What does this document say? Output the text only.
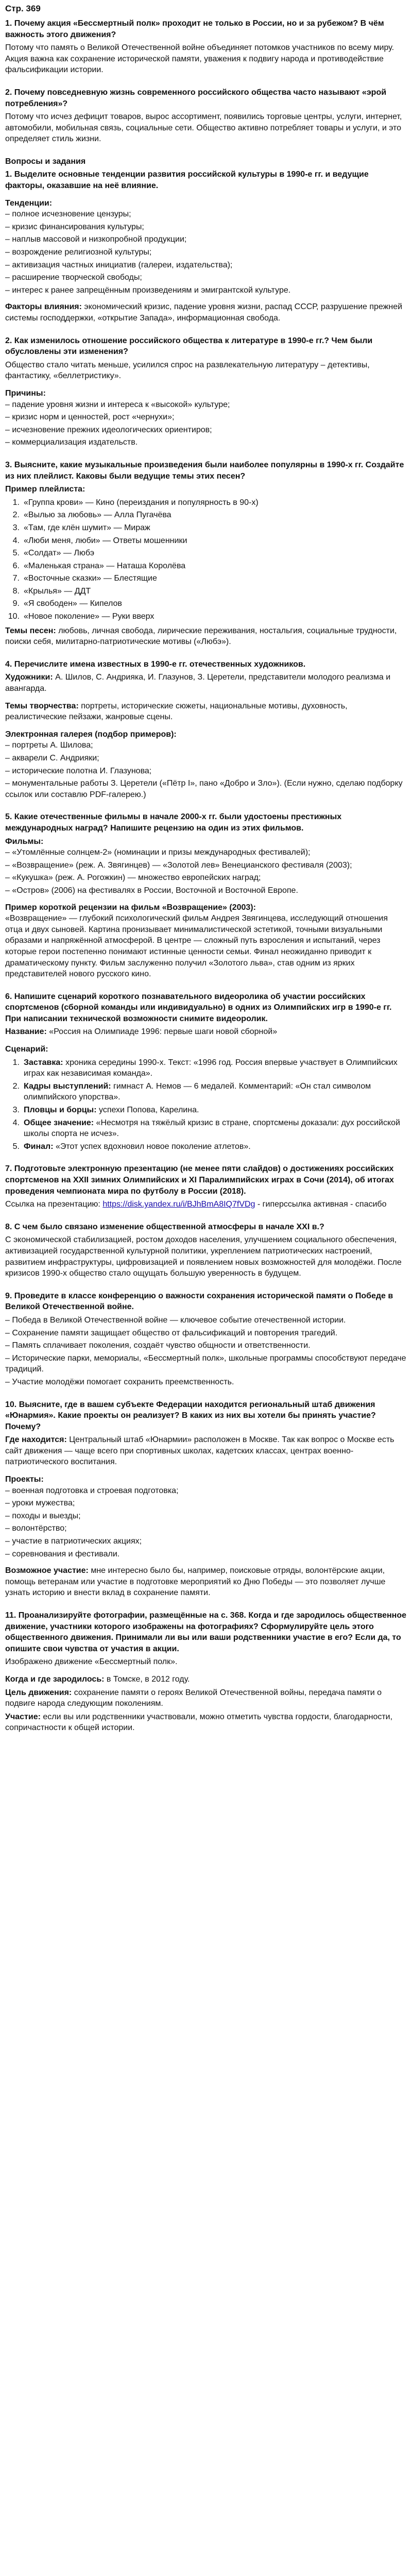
Стр. 369
1. Почему акция «Бессмертный полк» проходит не только в России, но и за рубежом? В чём важность этого движения?
Потому что память о Великой Отечественной войне объединяет потомков участников по всему миру. Акция важна как сохранение исторической памяти, уважения к подвигу народа и противодействие фальсификации истории.
2. Почему повседневную жизнь современного российского общества часто называют «эрой потребления»?
Потому что исчез дефицит товаров, вырос ассортимент, появились торговые центры, услуги, интернет, автомобили, мобильная связь, социальные сети. Общество активно потребляет товары и услуги, и это определяет стиль жизни.
Вопросы и задания
1. Выделите основные тенденции развития российской культуры в 1990-е гг. и ведущие факторы, оказавшие на неё влияние.
Тенденции:
– полное исчезновение цензуры;
– кризис финансирования культуры;
– наплыв массовой и низкопробной продукции;
– возрождение религиозной культуры;
– активизация частных инициатив (галереи, издательства);
– расширение творческой свободы;
– интерес к ранее запрещённым произведениям и эмигрантской культуре.
Факторы влияния: экономический кризис, падение уровня жизни, распад СССР, разрушение прежней системы господдержки, «открытие Запада», информационная свобода.
2. Как изменилось отношение российского общества к литературе в 1990-е гг.? Чем были обусловлены эти изменения?
Общество стало читать меньше, усилился спрос на развлекательную литературу – детективы, фантастику, «беллетристику».
Причины:
– падение уровня жизни и интереса к «высокой» культуре;
– кризис норм и ценностей, рост «чернухи»;
– исчезновение прежних идеологических ориентиров;
– коммерциализация издательств.
3. Выясните, какие музыкальные произведения были наиболее популярны в 1990-х гг. Создайте из них плейлист. Каковы были ведущие темы этих песен?
Пример плейлиста:
1. «Группа крови» — Кино (переиздания и популярность в 90-х)
2. «Вылью за любовь» — Алла Пугачёва
3. «Там, где клён шумит» — Мираж
4. «Люби меня, люби» — Ответы мошенники
5. «Солдат» — Любэ
6. «Маленькая страна» — Наташа Королёва
7. «Восточные сказки» — Блестящие
8. «Крылья» — ДДТ
9. «Я свободен» — Кипелов
10. «Новое поколение» — Руки вверх
Темы песен: любовь, личная свобода, лирические переживания, ностальгия, социальные трудности, поиски себя, милитарно-патриотические мотивы («Любэ»).
4. Перечислите имена известных в 1990-е гг. отечественных художников.
Художники: А. Шилов, С. Андрияка, И. Глазунов, З. Церетели, представители молодого реализма и авангарда.
Темы творчества: портреты, исторические сюжеты, национальные мотивы, духовность, реалистические пейзажи, жанровые сцены.
Электронная галерея (подбор примеров):
– портреты А. Шилова;
– акварели С. Андрияки;
– исторические полотна И. Глазунова;
– монументальные работы З. Церетели («Пётр I», пано «Добро и Зло»). (Если нужно, сделаю подборку ссылок или составлю PDF-галерею.)
5. Какие отечественные фильмы в начале 2000-х гг. были удостоены престижных международных наград? Напишите рецензию на один из этих фильмов.
Фильмы:
– «Утомлённые солнцем-2» (номинации и призы международных фестивалей);
– «Возвращение» (реж. А. Звягинцев) — «Золотой лев» Венецианского фестиваля (2003);
– «Кукушка» (реж. А. Рогожкин) — множество европейских наград;
– «Остров» (2006) на фестивалях в России, Восточной и Восточной Европе.
Пример короткой рецензии на фильм «Возвращение» (2003):
«Возвращение» — глубокий психологический фильм Андрея Звягинцева, исследующий отношения отца и двух сыновей. Картина пронизывает минималистической эстетикой, точными визуальными образами и напряжённой атмосферой. В центре — сложный путь взросления и испытаний, через которые герои постепенно понимают истинные ценности семьи. Финал неожиданно приводит к драматическому пункту. Фильм заслуженно получил «Золотого льва», став одним из ярких представителей нового русского кино.
6. Напишите сценарий короткого познавательного видеоролика об участии российских спортсменов (сборной команды или индивидуально) в одних из Олимпийских игр в 1990-е гг. При написании технической возможности снимите видеоролик.
Название: «Россия на Олимпиаде 1996: первые шаги новой сборной»
Сценарий:
1. Заставка: хроника середины 1990-х. Текст: «1996 год. Россия впервые участвует в Олимпийских играх как независимая команда».
2. Кадры выступлений: гимнаст А. Немов — 6 медалей. Комментарий: «Он стал символом олимпийского упорства».
3. Пловцы и борцы: успехи Попова, Карелина.
4. Общее значение: «Несмотря на тяжёлый кризис в стране, спортсмены доказали: дух российской школы спорта не исчез».
5. Финал: «Этот успех вдохновил новое поколение атлетов».
7. Подготовьте электронную презентацию (не менее пяти слайдов) о достижениях российских спортсменов на XXII зимних Олимпийских и XI Паралимпийских играх в Сочи (2014), об итогах проведения чемпионата мира по футболу в России (2018).
Ссылка на презентацию: https://disk.yandex.ru/i/BJhBmA8IQ7fVDg - гиперссылка активная - спасибо
8. С чем было связано изменение общественной атмосферы в начале XXI в.?
С экономической стабилизацией, ростом доходов населения, улучшением социального обеспечения, активизацией государственной культурной политики, укреплением патриотических настроений, развитием инфраструктуры, цифровизацией и появлением новых возможностей для молодёжи. После кризисов 1990-х общество стало ощущать большую уверенность в будущем.
9. Проведите в классе конференцию о важности сохранения исторической памяти о Победе в Великой Отечественной войне.
– Победа в Великой Отечественной войне — ключевое событие отечественной истории.
– Сохранение памяти защищает общество от фальсификаций и повторения трагедий.
– Память сплачивает поколения, создаёт чувство общности и ответственности.
– Исторические парки, мемориалы, «Бессмертный полк», школьные программы способствуют передаче традиций.
– Участие молодёжи помогает сохранить преемственность.
10. Выясните, где в вашем субъекте Федерации находится региональный штаб движения «Юнармия». Какие проекты он реализует? В каких из них вы хотели бы принять участие? Почему?
Где находится: Центральный штаб «Юнармии» расположен в Москве. Так как вопрос о Москве есть сайт движения — чаще всего при спортивных школах, кадетских классах, центрах военно-патриотического воспитания.
Проекты:
– военная подготовка и строевая подготовка;
– уроки мужества;
– походы и выезды;
– волонтёрство;
– участие в патриотических акциях;
– соревнования и фестивали.
Возможное участие: мне интересно было бы, например, поисковые отряды, волонтёрские акции, помощь ветеранам или участие в подготовке мероприятий ко Дню Победы — это позволяет лучше узнать историю и внести вклад в сохранение памяти.
11. Проанализируйте фотографии, размещённые на с. 368. Когда и где зародилось общественное движение, участники которого изображены на фотографиях? Сформулируйте цель этого общественного движения. Принимали ли вы или ваши родственники участие в его? Если да, то опишите свои чувства от участия в акции.
Изображено движение «Бессмертный полк».
Когда и где зародилось: в Томске, в 2012 году.
Цель движения: сохранение памяти о героях Великой Отечественной войны, передача памяти о подвиге народа следующим поколениям.
Участие: если вы или родственники участвовали, можно отметить чувства гордости, благодарности, сопричастности к общей истории.
